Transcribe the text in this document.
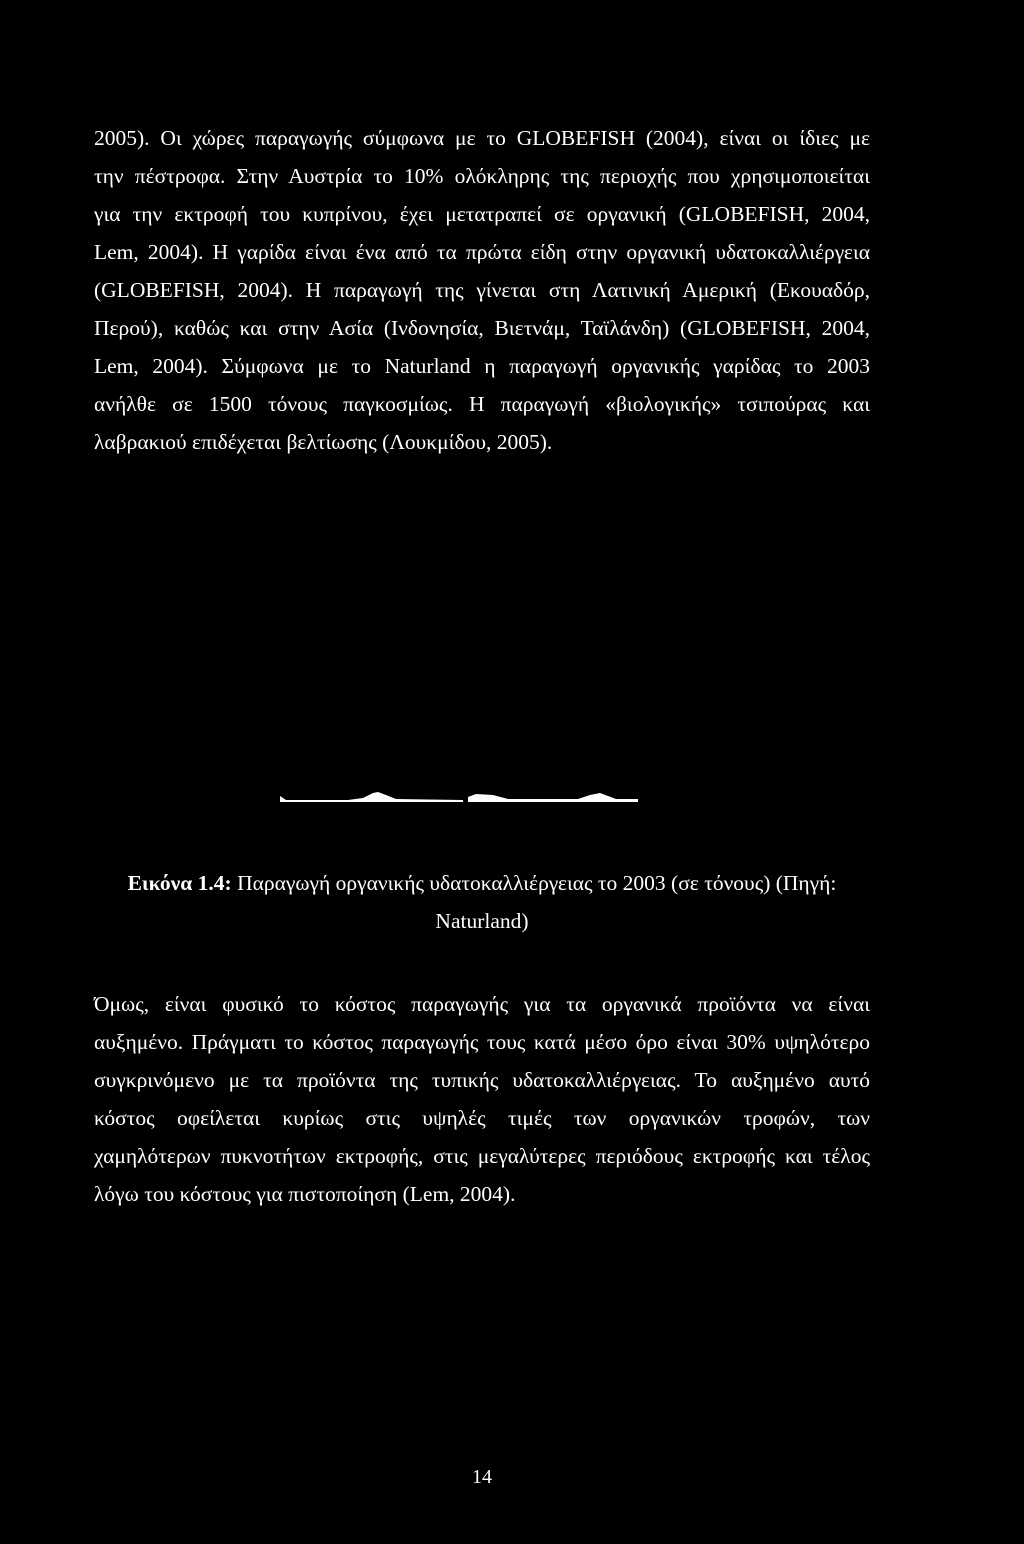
2005). Οι χώρες παραγωγής σύμφωνα με το GLOBEFISH (2004), είναι οι ίδιες με
την πέστροφα. Στην Αυστρία το 10% ολόκληρης της περιοχής που χρησιμοποιείται
για την εκτροφή του κυπρίνου, έχει μετατραπεί σε οργανική (GLOBEFISH, 2004,
Lem, 2004). Η γαρίδα είναι ένα από τα πρώτα είδη στην οργανική υδατοκαλλιέργεια
(GLOBEFISH, 2004). Η παραγωγή της γίνεται στη Λατινική Αμερική (Εκουαδόρ,
Περού), καθώς και στην Ασία (Ινδονησία, Βιετνάμ, Ταϊλάνδη) (GLOBEFISH, 2004,
Lem, 2004). Σύμφωνα με το Naturland η παραγωγή οργανικής γαρίδας το 2003
ανήλθε σε 1500 τόνους παγκοσμίως. Η παραγωγή «βιολογικής» τσιπούρας και
λαβρακιού επιδέχεται βελτίωσης (Λουκμίδου, 2005).
Εικόνα 1.4: Παραγωγή οργανικής υδατοκαλλιέργειας το 2003 (σε τόνους) (Πηγή:
Naturland)
Όμως, είναι φυσικό το κόστος παραγωγής για τα οργανικά προϊόντα να είναι
αυξημένο. Πράγματι το κόστος παραγωγής τους κατά μέσο όρο είναι 30% υψηλότερο
συγκρινόμενο με τα προϊόντα της τυπικής υδατοκαλλιέργειας. Το αυξημένο αυτό
κόστος οφείλεται κυρίως στις υψηλές τιμές των οργανικών τροφών, των
χαμηλότερων πυκνοτήτων εκτροφής, στις μεγαλύτερες περιόδους εκτροφής και τέλος
λόγω του κόστους για πιστοποίηση (Lem, 2004).
14
